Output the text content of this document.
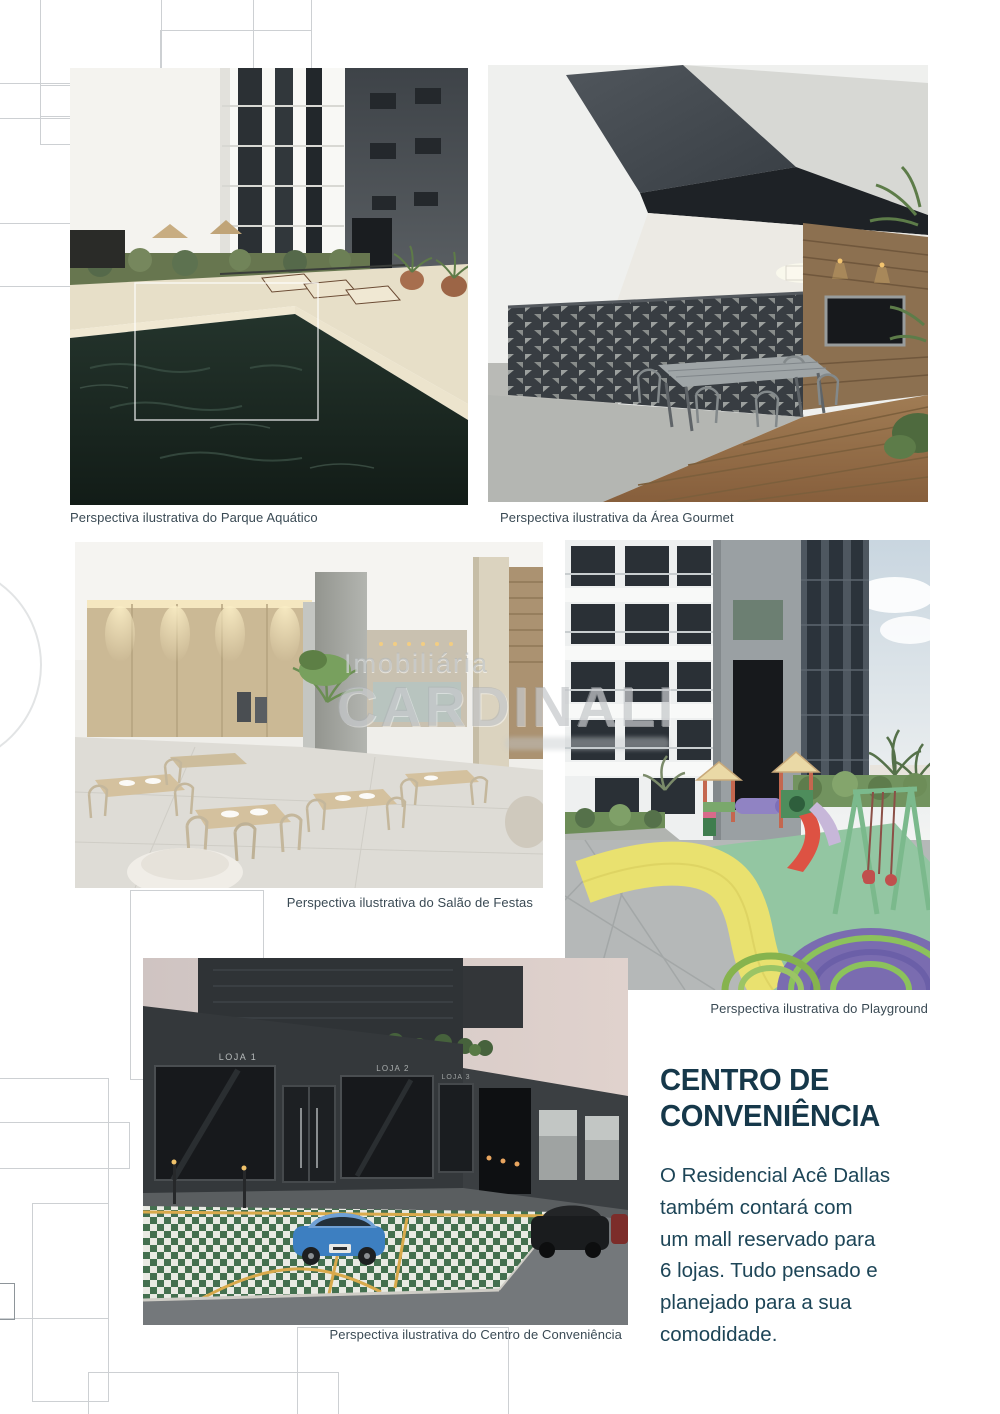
LOJA 1
LOJA 2
LOJA 3
Imobiliária
CARDINALI
Perspectiva ilustrativa do Parque Aquático	Perspectiva ilustrativa da Área Gourmet
Perspectiva ilustrativa do Salão de Festas
Perspectiva ilustrativa do Playground
Perspectiva ilustrativa do Centro de Conveniência
CENTRO DE
CONVENIÊNCIA
O Residencial Acê Dallas
também contará com
um mall reservado para
6 lojas. Tudo pensado e
planejado para a sua
comodidade.
